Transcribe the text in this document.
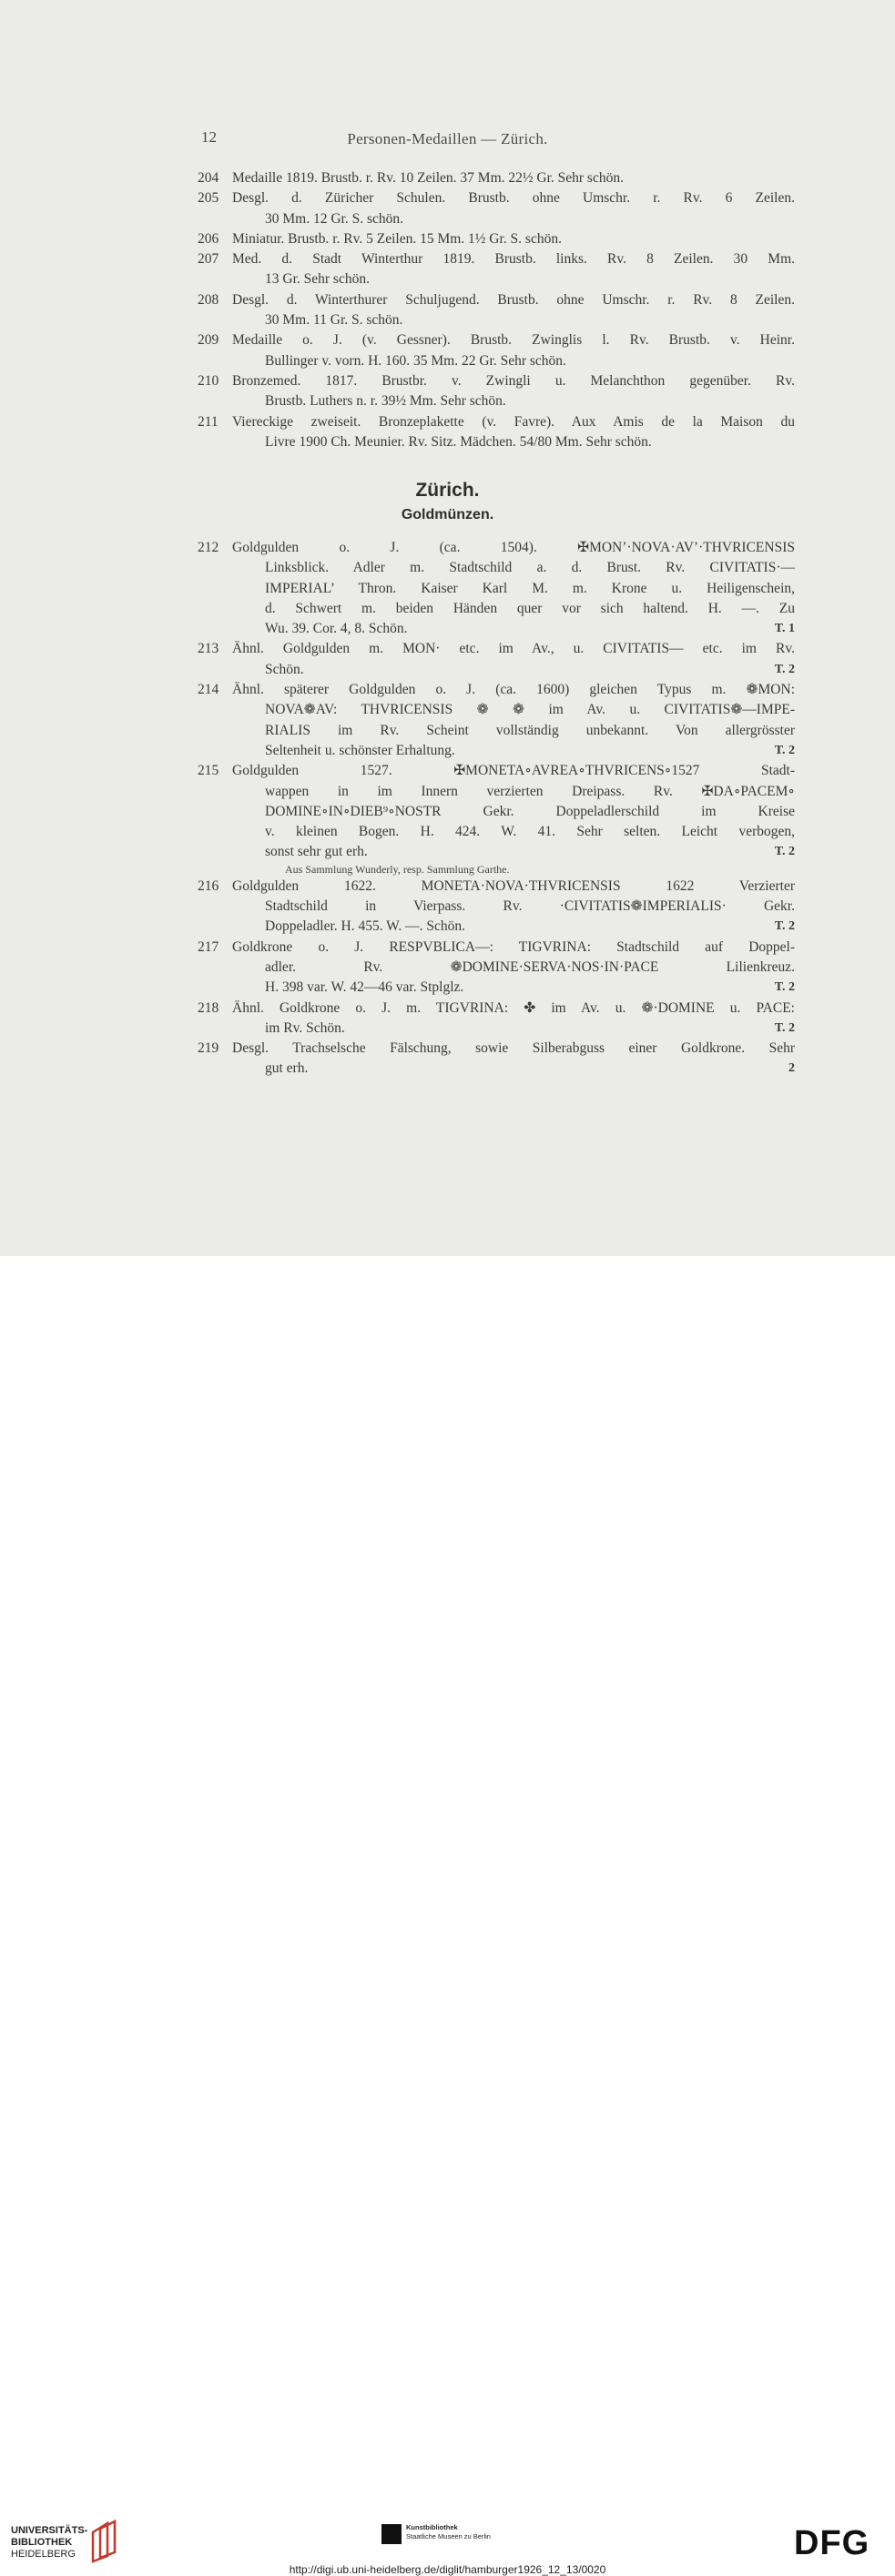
12	Personen-Medaillen — Zürich.
204 Medaille 1819. Brustb. r. Rv. 10 Zeilen. 37 Mm. 22½ Gr. Sehr schön.
205 Desgl. d. Züricher Schulen. Brustb. ohne Umschr. r. Rv. 6 Zeilen.
30 Mm. 12 Gr. S. schön.
206 Miniatur. Brustb. r. Rv. 5 Zeilen. 15 Mm. 1½ Gr. S. schön.
207 Med. d. Stadt Winterthur 1819. Brustb. links. Rv. 8 Zeilen. 30 Mm.
13 Gr. Sehr schön.
208 Desgl. d. Winterthurer Schuljugend. Brustb. ohne Umschr. r. Rv. 8 Zeilen.
30 Mm. 11 Gr. S. schön.
209 Medaille o. J. (v. Gessner). Brustb. Zwinglis l. Rv. Brustb. v. Heinr.
Bullinger v. vorn. H. 160. 35 Mm. 22 Gr. Sehr schön.
210 Bronzemed. 1817. Brustbr. v. Zwingli u. Melanchthon gegenüber. Rv.
Brustb. Luthers n. r. 39½ Mm. Sehr schön.
211 Viereckige zweiseit. Bronzeplakette (v. Favre). Aux Amis de la Maison du
Livre 1900 Ch. Meunier. Rv. Sitz. Mädchen. 54/80 Mm. Sehr schön.
Zürich.
Goldmünzen.
212 Goldgulden o. J. (ca. 1504). ✠MON’·NOVA·AV’·THVRICENSIS
Linksblick. Adler m. Stadtschild a. d. Brust. Rv. CIVITATIS·—
IMPERIAL’ Thron. Kaiser Karl M. m. Krone u. Heiligenschein,
d. Schwert m. beiden Händen quer vor sich haltend. H. —. Zu
Wu. 39. Cor. 4, 8. Schön.	T. 1
213 Ähnl. Goldgulden m. MON· etc. im Av., u. CIVITATIS— etc. im Rv.
Schön.	T. 2
214 Ähnl. späterer Goldgulden o. J. (ca. 1600) gleichen Typus m. ❁MON:
NOVA❁AV: THVRICENSIS ❁ ❁ im Av. u. CIVITATIS❁—IMPE-
RIALIS im Rv. Scheint vollständig unbekannt. Von allergrösster
Seltenheit u. schönster Erhaltung.	T. 2
215 Goldgulden 1527. ✠MONETA∘AVREA∘THVRICENS∘1527 Stadt-
wappen in im Innern verzierten Dreipass. Rv. ✠DA∘PACEM∘
DOMINE∘IN∘DIEB⁹∘NOSTR Gekr. Doppeladlerschild im Kreise
v. kleinen Bogen. H. 424. W. 41. Sehr selten. Leicht verbogen,
sonst sehr gut erh.	T. 2
Aus Sammlung Wunderly, resp. Sammlung Garthe.
216 Goldgulden 1622. MONETA·NOVA·THVRICENSIS 1622 Verzierter
Stadtschild in Vierpass. Rv. ·CIVITATIS❁IMPERIALIS· Gekr.
Doppeladler. H. 455. W. —. Schön.	T. 2
217 Goldkrone o. J. RESPVBLICA—: TIGVRINA: Stadtschild auf Doppel-
adler. Rv. ❁DOMINE·SERVA·NOS·IN·PACE Lilienkreuz.
H. 398 var. W. 42—46 var. Stplglz.	T. 2
218 Ähnl. Goldkrone o. J. m. TIGVRINA: ✤ im Av. u. ❁·DOMINE u. PACE:
im Rv. Schön.	T. 2
219 Desgl. Trachselsche Fälschung, sowie Silberabguss einer Goldkrone. Sehr
gut erh.	2
UNIVERSITÄTS-
BIBLIOTHEK
HEIDELBERG
Kunstbibliothek
Staatliche Museen zu Berlin	DFG
http://digi.ub.uni-heidelberg.de/diglit/hamburger1926_12_13/0020
